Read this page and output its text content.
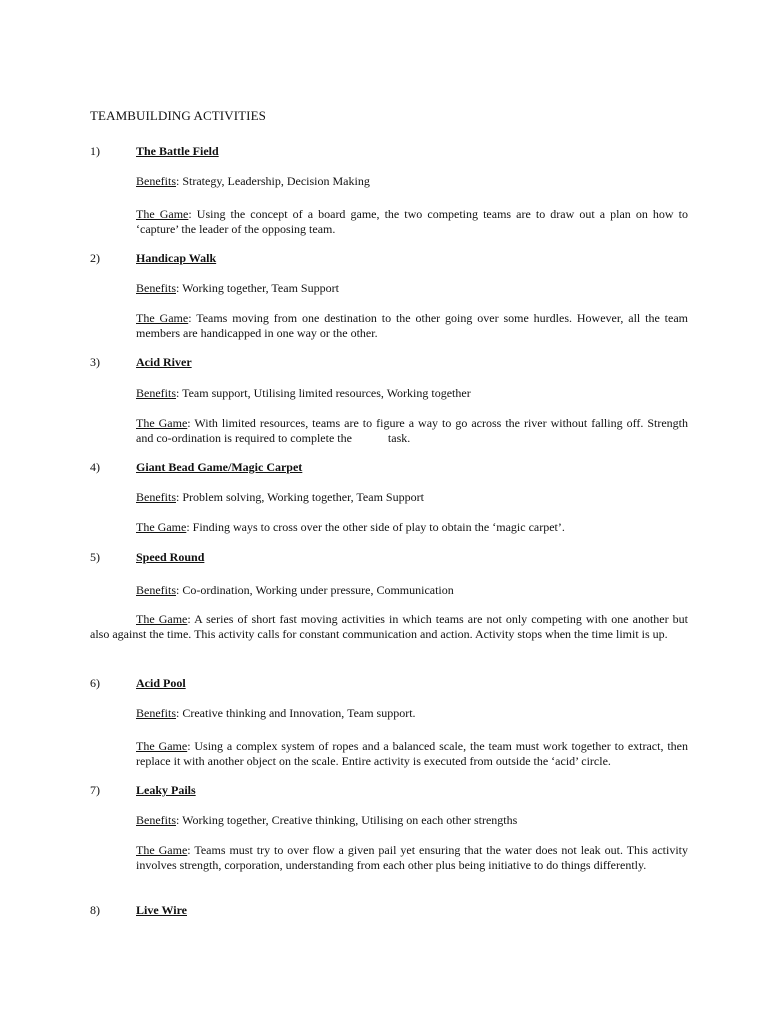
TEAMBUILDING ACTIVITIES
1)	The Battle Field
Benefits: Strategy, Leadership, Decision Making
The Game: Using the concept of a board game, the two competing teams are to draw out a plan on how to ‘capture’ the leader of the opposing team.
2)	Handicap Walk
Benefits: Working together, Team Support
The Game: Teams moving from one destination to the other going over some hurdles. However, all the team members are handicapped in one way or the other.
3)	Acid River
Benefits: Team support, Utilising limited resources, Working together
The Game: With limited resources, teams are to figure a way to go across the river without falling off. Strength and co-ordination is required to complete the            task.
4)	Giant Bead Game/Magic Carpet
Benefits: Problem solving, Working together, Team Support
The Game: Finding ways to cross over the other side of play to obtain the ‘magic carpet’.
5)	Speed Round
Benefits: Co-ordination, Working under pressure, Communication
The Game: A series of short fast moving activities in which teams are not only competing with one another but also against the time. This activity calls for constant communication and action. Activity stops when the time limit is up.
6)	Acid Pool
Benefits: Creative thinking and Innovation, Team support.
The Game: Using a complex system of ropes and a balanced scale, the team must work together to extract, then replace it with another object on the scale. Entire activity is executed from outside the ‘acid’ circle.
7)	Leaky Pails
Benefits: Working together, Creative thinking, Utilising on each other strengths
The Game: Teams must try to over flow a given pail yet ensuring that the water does not leak out. This activity involves strength, corporation, understanding from each other plus being initiative to do things differently.
8)	Live Wire
